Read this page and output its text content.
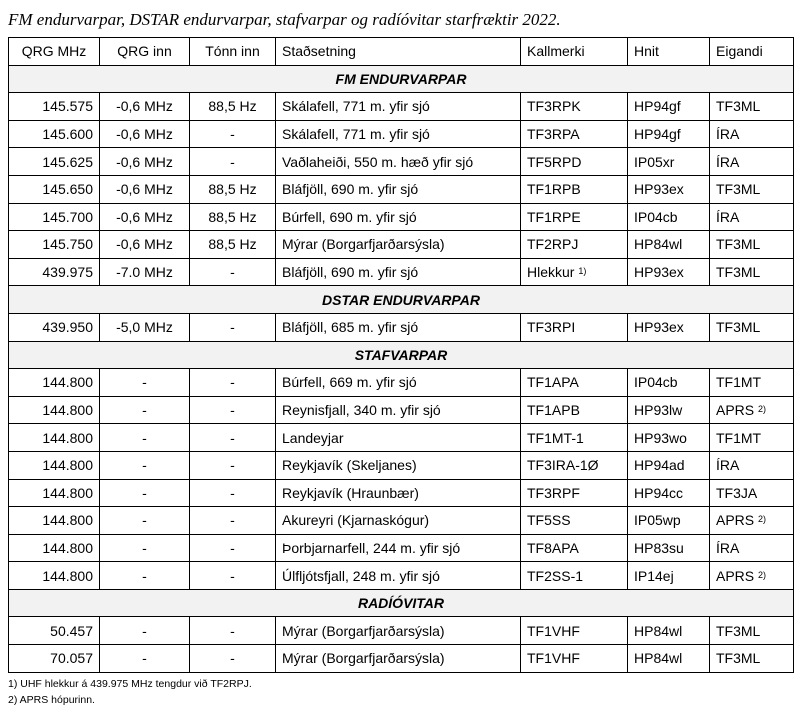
FM endurvarpar, DSTAR endurvarpar, stafvarpar og radíóvitar starfræktir 2022.
QRG MHz	QRG inn	Tónn inn	Staðsetning	Kallmerki	Hnit	Eigandi
FM ENDURVARPAR						
145.575	-0,6 MHz	88,5 Hz	Skálafell, 771 m. yfir sjó	TF3RPK	HP94gf	TF3ML
145.600	-0,6 MHz	-	Skálafell, 771 m. yfir sjó	TF3RPA	HP94gf	ÍRA
145.625	-0,6 MHz	-	Vaðlaheiði, 550 m. hæð yfir sjó	TF5RPD	IP05xr	ÍRA
145.650	-0,6 MHz	88,5 Hz	Bláfjöll, 690 m. yfir sjó	TF1RPB	HP93ex	TF3ML
145.700	-0,6 MHz	88,5 Hz	Búrfell, 690 m. yfir sjó	TF1RPE	IP04cb	ÍRA
145.750	-0,6 MHz	88,5 Hz	Mýrar (Borgarfjarðarsýsla)	TF2RPJ	HP84wl	TF3ML
439.975	-7.0 MHz	-	Bláfjöll, 690 m. yfir sjó	Hlekkur $^{1)}$	HP93ex	TF3ML
DSTAR ENDURVARPAR						
439.950	-5,0 MHz	-	Bláfjöll, 685 m. yfir sjó	TF3RPI	HP93ex	TF3ML
STAFVARPAR						
144.800	-	-	Búrfell, 669 m. yfir sjó	TF1APA	IP04cb	TF1MT
144.800	-	-	Reynisfjall, 340 m. yfir sjó	TF1APB	HP93lw	APRS $^{2)}$
144.800	-	-	Landeyjar	TF1MT-1	HP93wo	TF1MT
144.800	-	-	Reykjavík (Skeljanes)	TF3IRA-1Ø	HP94ad	ÍRA
144.800	-	-	Reykjavík (Hraunbær)	TF3RPF	HP94cc	TF3JA
144.800	-	-	Akureyri (Kjarnaskógur)	TF5SS	IP05wp	APRS $^{2)}$
144.800	-	-	Þorbjarnarfell, 244 m. yfir sjó	TF8APA	HP83su	ÍRA
144.800	-	-	Úlfljótsfjall, 248 m. yfir sjó	TF2SS-1	IP14ej	APRS $^{2)}$
RADÍÓVITAR						
50.457	-	-	Mýrar (Borgarfjarðarsýsla)	TF1VHF	HP84wl	TF3ML
70.057	-	-	Mýrar (Borgarfjarðarsýsla)	TF1VHF	HP84wl	TF3ML
1) UHF hlekkur á 439.975 MHz tengdur við TF2RPJ.
2) APRS hópurinn.
